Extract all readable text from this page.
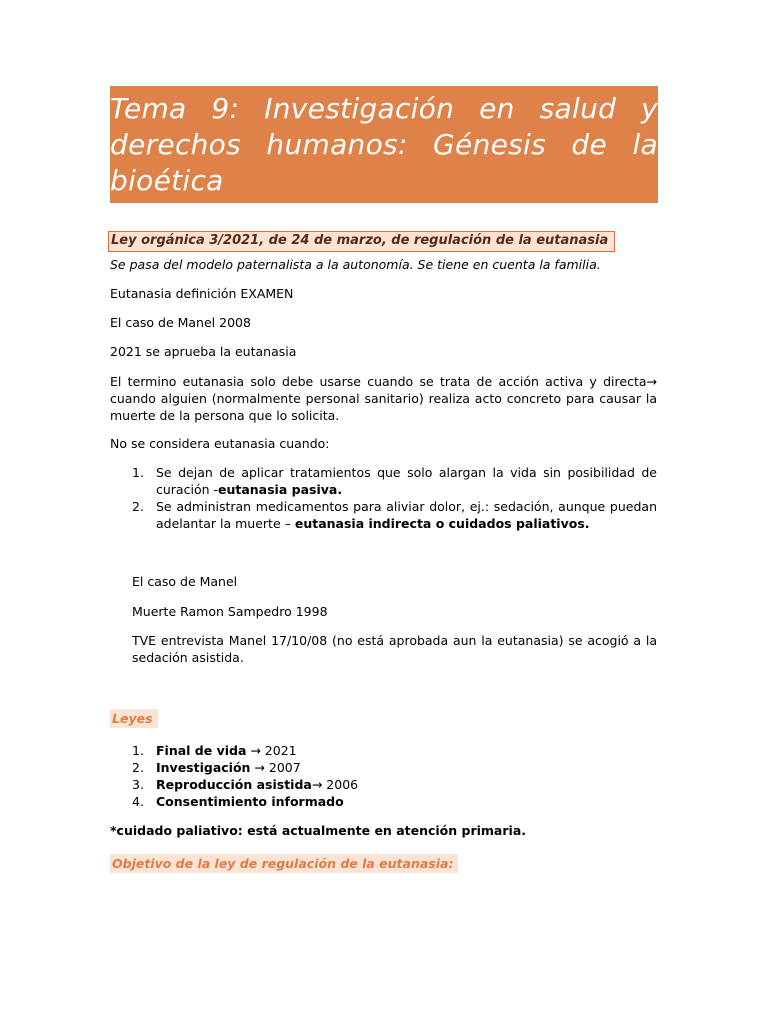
Tema 9: Investigación en salud y derechos humanos: Génesis de la bioética
Ley orgánica 3/2021, de 24 de marzo, de regulación de la eutanasia

Se pasa del modelo paternalista a la autonomía. Se tiene en cuenta la familia.

Eutanasia definición EXAMEN

El caso de Manel 2008

2021 se aprueba la eutanasia

El termino eutanasia solo debe usarse cuando se trata de acción activa y directa→ cuando alguien (normalmente personal sanitario) realiza acto concreto para causar la muerte de la persona que lo solicita.

No se considera eutanasia cuando:

1. Se dejan de aplicar tratamientos que solo alargan la vida sin posibilidad de curación -eutanasia pasiva.
2. Se administran medicamentos para aliviar dolor, ej.: sedación, aunque puedan adelantar la muerte – eutanasia indirecta o cuidados paliativos.

El caso de Manel

Muerte Ramon Sampedro 1998

TVE entrevista Manel 17/10/08 (no está aprobada aun la eutanasia) se acogió a la sedación asistida.

Leyes
1. Final de vida → 2021
2. Investigación → 2007
3. Reproducción asistida→ 2006
4. Consentimiento informado

*cuidado paliativo: está actualmente en atención primaria.

Objetivo de la ley de regulación de la eutanasia:
